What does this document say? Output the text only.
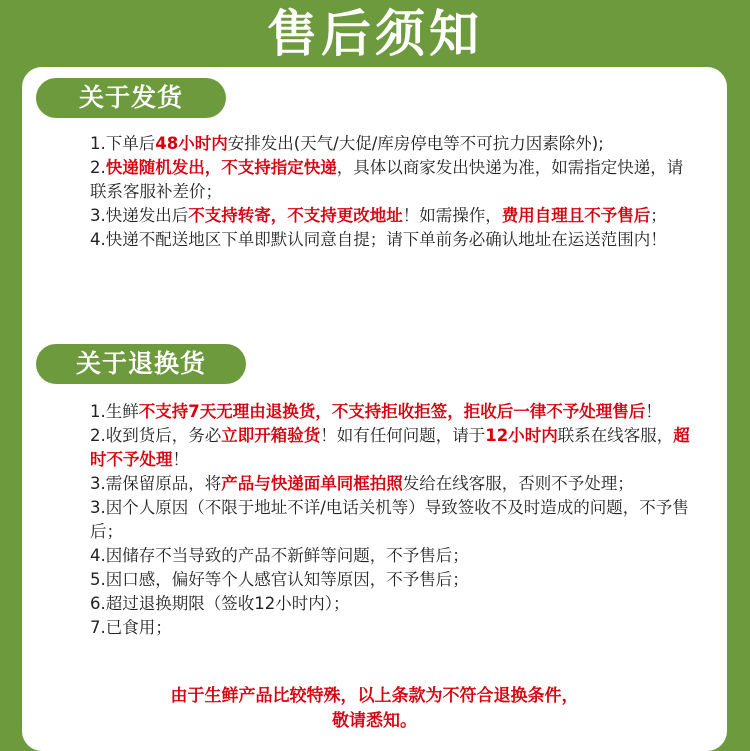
售后须知
关于发货
1.下单后48小时内安排发出(天气/大促/库房停电等不可抗力因素除外);
2.快递随机发出，不支持指定快递，具体以商家发出快递为准，如需指定快递，请联系客服补差价；
3.快递发出后不支持转寄，不支持更改地址！如需操作，费用自理且不予售后；
4.快递不配送地区下单即默认同意自提；请下单前务必确认地址在运送范围内！
关于退换货
1.生鲜不支持7天无理由退换货，不支持拒收拒签，拒收后一律不予处理售后！
2.收到货后，务必立即开箱验货！如有任何问题，请于12小时内联系在线客服，超时不予处理！
3.需保留原品，将产品与快递面单同框拍照发给在线客服，否则不予处理；
3.因个人原因（不限于地址不详/电话关机等）导致签收不及时造成的问题，不予售后；
4.因储存不当导致的产品不新鲜等问题，不予售后；
5.因口感，偏好等个人感官认知等原因，不予售后；
6.超过退换期限（签收12小时内）；
7.已食用；
由于生鲜产品比较特殊，以上条款为不符合退换条件，
敬请悉知。
